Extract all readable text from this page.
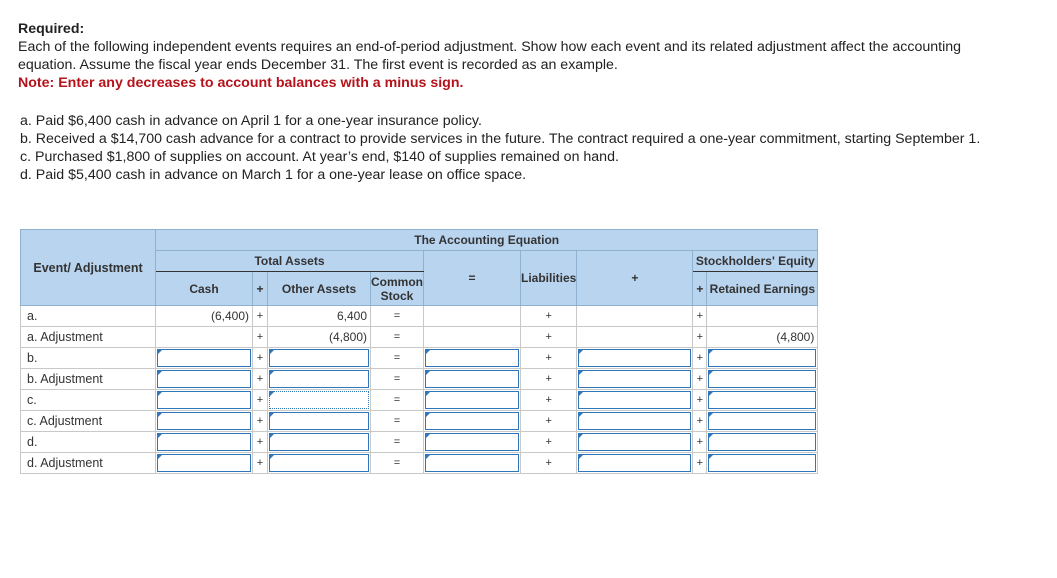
Required:
Each of the following independent events requires an end-of-period adjustment. Show how each event and its related adjustment affect the accounting equation. Assume the fiscal year ends December 31. The first event is recorded as an example.
Note: Enter any decreases to account balances with a minus sign.
a. Paid $6,400 cash in advance on April 1 for a one-year insurance policy.
b. Received a $14,700 cash advance for a contract to provide services in the future. The contract required a one-year commitment, starting September 1.
c. Purchased $1,800 of supplies on account. At year’s end, $140 of supplies remained on hand.
d. Paid $5,400 cash in advance on March 1 for a one-year lease on office space.
Event/ Adjustment	The Accounting Equation								
	Total Assets				=	Liabilities	+	Stockholders' Equity	
	Cash	+	Other Assets	Common Stock				+	Retained Earnings
a.	(6,400)	+	6,400	=		+		+	
a. Adjustment		+	(4,800)	=		+		+	(4,800)
b.		+		=		+		+	

b. Adjustment		+		=		+		+	

c.		+		=		+		+	

c. Adjustment		+		=		+		+	

d.		+		=		+		+	

d. Adjustment		+		=		+		+	
